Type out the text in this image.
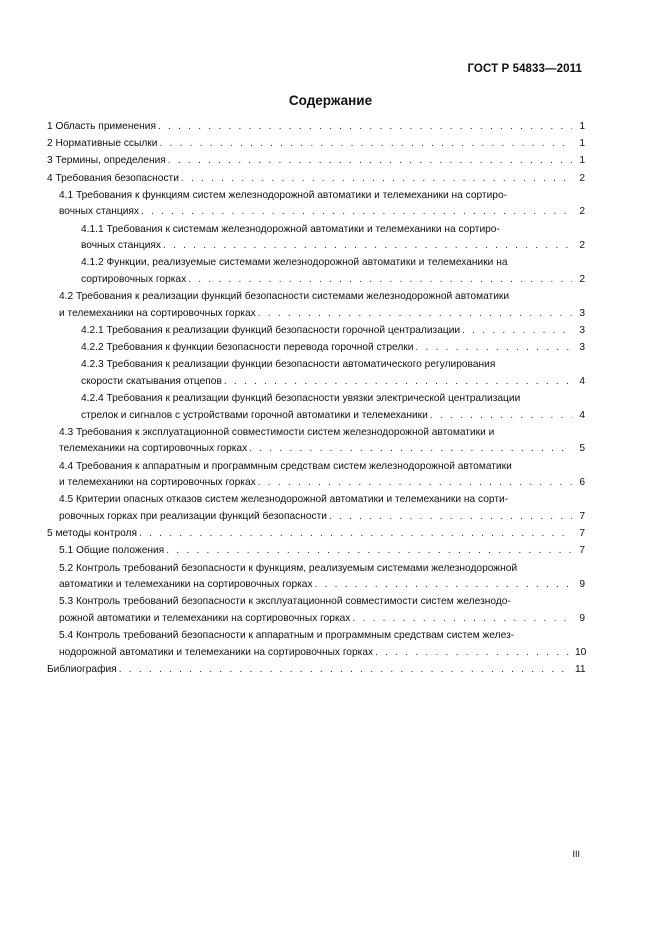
ГОСТ Р 54833—2011
Содержание
1 Область применения . . .	1
2 Нормативные ссылки . . .	1
3 Термины, определения . . .	1
4 Требования безопасности . . .	2
4.1 Требования к функциям систем железнодорожной автоматики и телемеханики на сортиро-
вочных станциях . . .	2
4.1.1 Требования к системам железнодорожной автоматики и телемеханики на сортиро-
вочных станциях . . .	2
4.1.2 Функции, реализуемые системами железнодорожной автоматики и телемеханики на
сортировочных горках . . .	2
4.2 Требования к реализации функций безопасности системами железнодорожной автоматики
и телемеханики на сортировочных горках . . .	3
4.2.1 Требования к реализации функций безопасности горочной централизации . . .	3
4.2.2 Требования к функции безопасности перевода горочной стрелки . . .	3
4.2.3 Требования к реализации функции безопасности автоматического регулирования
скорости скатывания отцепов . . .	4
4.2.4 Требования к реализации функций безопасности увязки электрической централизации
стрелок и сигналов с устройствами горочной автоматики и телемеханики . . .	4
4.3 Требования к эксплуатационной совместимости систем железнодорожной автоматики и
телемеханики на сортировочных горках . . .	5
4.4 Требования к аппаратным и программным средствам систем железнодорожной автоматики
и телемеханики на сортировочных горках . . .	6
4.5 Критерии опасных отказов систем железнодорожной автоматики и телемеханики на сорти-
ровочных горках при реализации функций безопасности . . .	7
5 методы контроля . . .	7
5.1 Общие положения . . .	7
5.2 Контроль требований безопасности к функциям, реализуемым системами железнодорожной
автоматики и телемеханики на сортировочных горках . . .	9
5.3 Контроль требований безопасности к эксплуатационной совместимости систем железнодо-
рожной автоматики и телемеханики на сортировочных горках . . .	9
5.4 Контроль требований безопасности к аппаратным и программным средствам систем желез-
нодорожной автоматики и телемеханики на сортировочных горках . . .	10
Библиография . . .	11
III
